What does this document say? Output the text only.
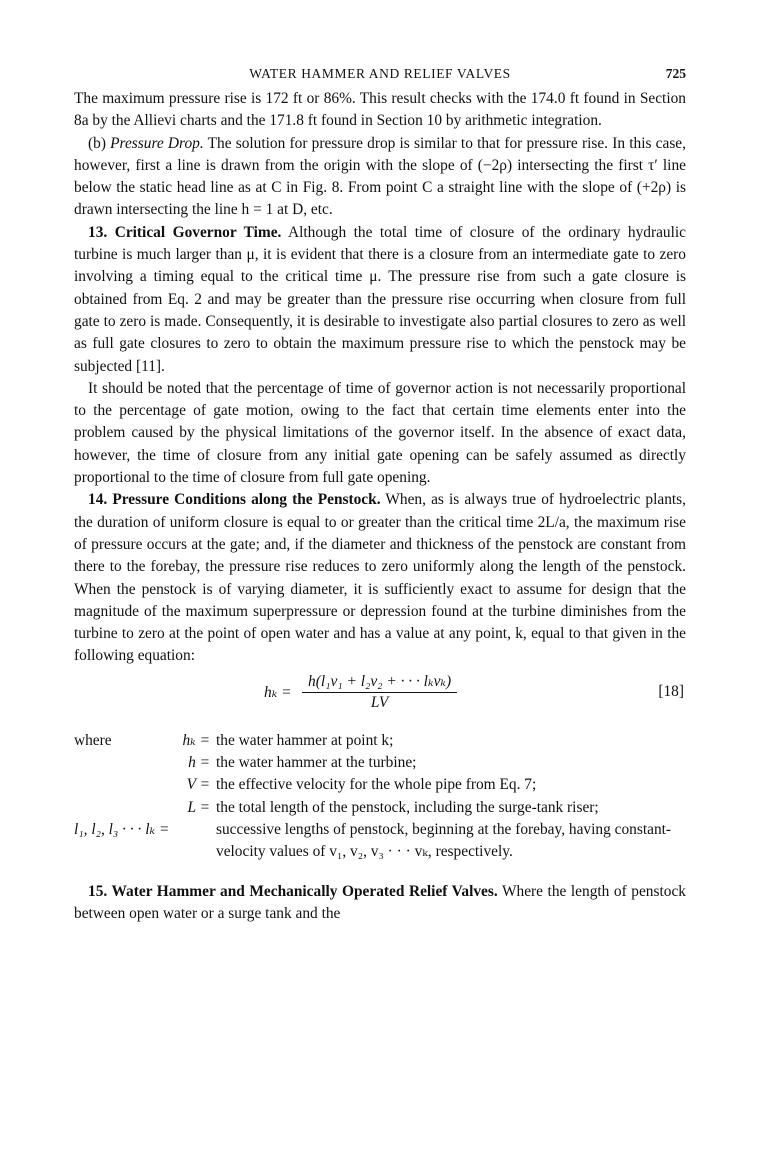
WATER HAMMER AND RELIEF VALVES	725

The maximum pressure rise is 172 ft or 86%. This result checks with the 174.0 ft found in Section 8a by the Allievi charts and the 171.8 ft found in Section 10 by arithmetic integration.

(b) Pressure Drop. The solution for pressure drop is similar to that for pressure rise. In this case, however, first a line is drawn from the origin with the slope of (−2ρ) intersecting the first τ′ line below the static head line as at C in Fig. 8. From point C a straight line with the slope of (+2ρ) is drawn intersecting the line h = 1 at D, etc.

13. Critical Governor Time. Although the total time of closure of the ordinary hydraulic turbine is much larger than μ, it is evident that there is a closure from an intermediate gate to zero involving a timing equal to the critical time μ. The pressure rise from such a gate closure is obtained from Eq. 2 and may be greater than the pressure rise occurring when closure from full gate to zero is made. Consequently, it is desirable to investigate also partial closures to zero as well as full gate closures to zero to obtain the maximum pressure rise to which the penstock may be subjected [11].

It should be noted that the percentage of time of governor action is not necessarily proportional to the percentage of gate motion, owing to the fact that certain time elements enter into the problem caused by the physical limitations of the governor itself. In the absence of exact data, however, the time of closure from any initial gate opening can be safely assumed as directly proportional to the time of closure from full gate opening.

14. Pressure Conditions along the Penstock. When, as is always true of hydroelectric plants, the duration of uniform closure is equal to or greater than the critical time 2L/a, the maximum rise of pressure occurs at the gate; and, if the diameter and thickness of the penstock are constant from there to the forebay, the pressure rise reduces to zero uniformly along the length of the penstock. When the penstock is of varying diameter, it is sufficiently exact to assume for design that the magnitude of the maximum superpressure or depression found at the turbine diminishes from the turbine to zero at the point of open water and has a value at any point, k, equal to that given in the following equation:

hₖ =
h(l₁v₁ + l₂v₂ + · · · lₖvₖ)
LV
[18]
where	hₖ = the water hammer at point k;
h = the water hammer at the turbine;
V = the effective velocity for the whole pipe from Eq. 7;
L = the total length of the penstock, including the surge-tank riser;
l₁, l₂, l₃ · · · lₖ =	successive lengths of penstock, beginning at the forebay, having constant-velocity values of v₁, v₂, v₃ · · · vₖ, respectively.

15. Water Hammer and Mechanically Operated Relief Valves. Where the length of penstock between open water or a surge tank and the
